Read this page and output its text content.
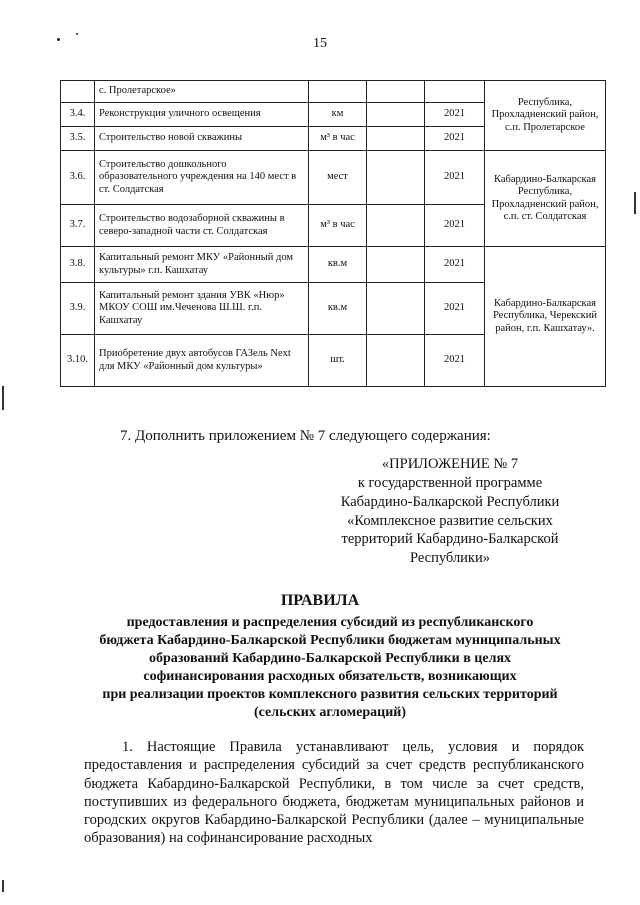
15
	с. Пролетарское»				Республика, Прохладненский район, с.п. Пролетарское
3.4.	Реконструкция уличного освещения	км		2021	
3.5.	Строительство новой скважины	м³ в час		2021	
3.6.	Строительство дошкольного образовательного учреждения на 140 мест в ст. Солдатская	мест		2021	Кабардино-Балкарская Республика, Прохладненский район, с.п. ст. Солдатская
3.7.	Строительство водозаборной скважины в северо-западной части ст. Солдатская	м³ в час		2021	
3.8.	Капитальный ремонт МКУ «Районный дом культуры» г.п. Кашхатау	кв.м		2021	Кабардино-Балкарская Республика, Черекский район, г.п. Кашхатау».
3.9.	Капитальный ремонт здания УВК «Нюр» МКОУ СОШ им.Чеченова Ш.Ш. г.п. Кашхатау	кв.м		2021	
3.10.	Приобретение двух автобусов ГАЗель Next для МКУ «Районный дом культуры»	шт.		2021	
7. Дополнить приложением № 7 следующего содержания:
«ПРИЛОЖЕНИЕ № 7
к государственной программе
Кабардино-Балкарской Республики
«Комплексное развитие сельских
территорий Кабардино-Балкарской
Республики»
ПРАВИЛА
предоставления и распределения субсидий из республиканского
бюджета Кабардино-Балкарской Республики бюджетам муниципальных
образований Кабардино-Балкарской Республики в целях
софинансирования расходных обязательств, возникающих
при реализации проектов комплексного развития сельских территорий
(сельских агломераций)
1. Настоящие Правила устанавливают цель, условия и порядок предоставления и распределения субсидий за счет средств республиканского бюджета Кабардино-Балкарской Республики, в том числе за счет средств, поступивших из федерального бюджета, бюджетам муниципальных районов и городских округов Кабардино-Балкарской Республики (далее – муниципальные образования) на софинансирование расходных
